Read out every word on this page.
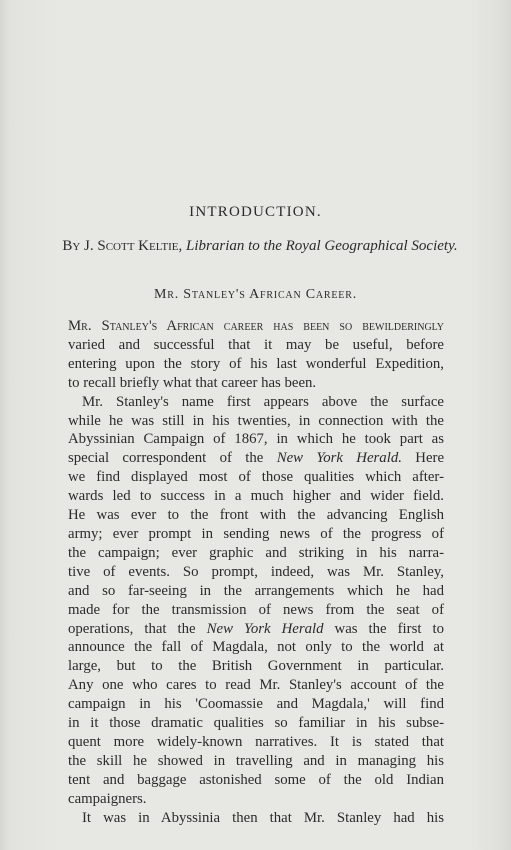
INTRODUCTION.
By J. Scott Keltie, Librarian to the Royal Geographical Society.
Mr. Stanley's African Career.
Mr. Stanley's African career has been so bewilderingly
varied and successful that it may be useful, before
entering upon the story of his last wonderful Expedition,
to recall briefly what that career has been.
Mr. Stanley's name first appears above the surface
while he was still in his twenties, in connection with the
Abyssinian Campaign of 1867, in which he took part as
special correspondent of the New York Herald. Here
we find displayed most of those qualities which after-
wards led to success in a much higher and wider field.
He was ever to the front with the advancing English
army; ever prompt in sending news of the progress of
the campaign; ever graphic and striking in his narra-
tive of events. So prompt, indeed, was Mr. Stanley,
and so far-seeing in the arrangements which he had
made for the transmission of news from the seat of
operations, that the New York Herald was the first to
announce the fall of Magdala, not only to the world at
large, but to the British Government in particular.
Any one who cares to read Mr. Stanley's account of the
campaign in his 'Coomassie and Magdala,' will find
in it those dramatic qualities so familiar in his subse-
quent more widely-known narratives. It is stated that
the skill he showed in travelling and in managing his
tent and baggage astonished some of the old Indian
campaigners.
It was in Abyssinia then that Mr. Stanley had his
